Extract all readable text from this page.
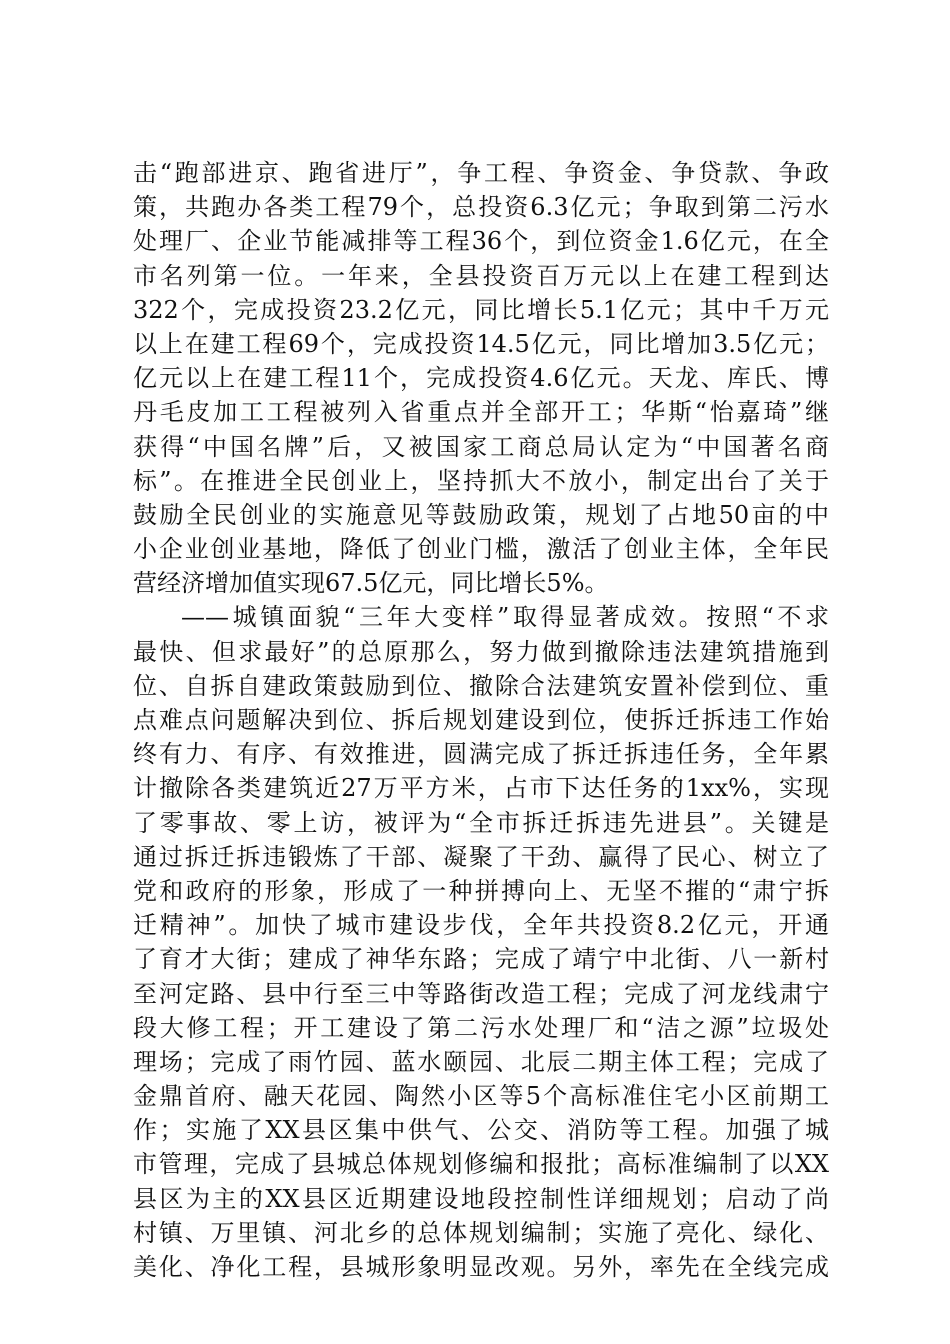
击“跑部进京、跑省进厅”，争工程、争资金、争贷款、争政
策，共跑办各类工程79个，总投资6.3亿元；争取到第二污水
处理厂、企业节能减排等工程36个，到位资金1.6亿元，在全
市名列第一位。一年来，全县投资百万元以上在建工程到达
322个，完成投资23.2亿元，同比增长5.1亿元；其中千万元
以上在建工程69个，完成投资14.5亿元，同比增加3.5亿元；
亿元以上在建工程11个，完成投资4.6亿元。天龙、库氏、博
丹毛皮加工工程被列入省重点并全部开工；华斯“怡嘉琦”继
获得“中国名牌”后，又被国家工商总局认定为“中国著名商
标”。在推进全民创业上，坚持抓大不放小，制定出台了关于
鼓励全民创业的实施意见等鼓励政策，规划了占地50亩的中
小企业创业基地，降低了创业门槛，激活了创业主体，全年民
营经济增加值实现67.5亿元，同比增长5%。
——城镇面貌“三年大变样”取得显著成效。按照“不求
最快、但求最好”的总原那么，努力做到撤除违法建筑措施到
位、自拆自建政策鼓励到位、撤除合法建筑安置补偿到位、重
点难点问题解决到位、拆后规划建设到位，使拆迁拆违工作始
终有力、有序、有效推进，圆满完成了拆迁拆违任务，全年累
计撤除各类建筑近27万平方米，占市下达任务的1xx%，实现
了零事故、零上访，被评为“全市拆迁拆违先进县”。关键是
通过拆迁拆违锻炼了干部、凝聚了干劲、赢得了民心、树立了
党和政府的形象，形成了一种拼搏向上、无坚不摧的“肃宁拆
迁精神”。加快了城市建设步伐，全年共投资8.2亿元，开通
了育才大街；建成了神华东路；完成了靖宁中北街、八一新村
至河定路、县中行至三中等路街改造工程；完成了河龙线肃宁
段大修工程；开工建设了第二污水处理厂和“洁之源”垃圾处
理场；完成了雨竹园、蓝水颐园、北辰二期主体工程；完成了
金鼎首府、融天花园、陶然小区等5个高标准住宅小区前期工
作；实施了XX县区集中供气、公交、消防等工程。加强了城
市管理，完成了县城总体规划修编和报批；高标准编制了以XX
县区为主的XX县区近期建设地段控制性详细规划；启动了尚
村镇、万里镇、河北乡的总体规划编制；实施了亮化、绿化、
美化、净化工程，县城形象明显改观。另外，率先在全线完成
